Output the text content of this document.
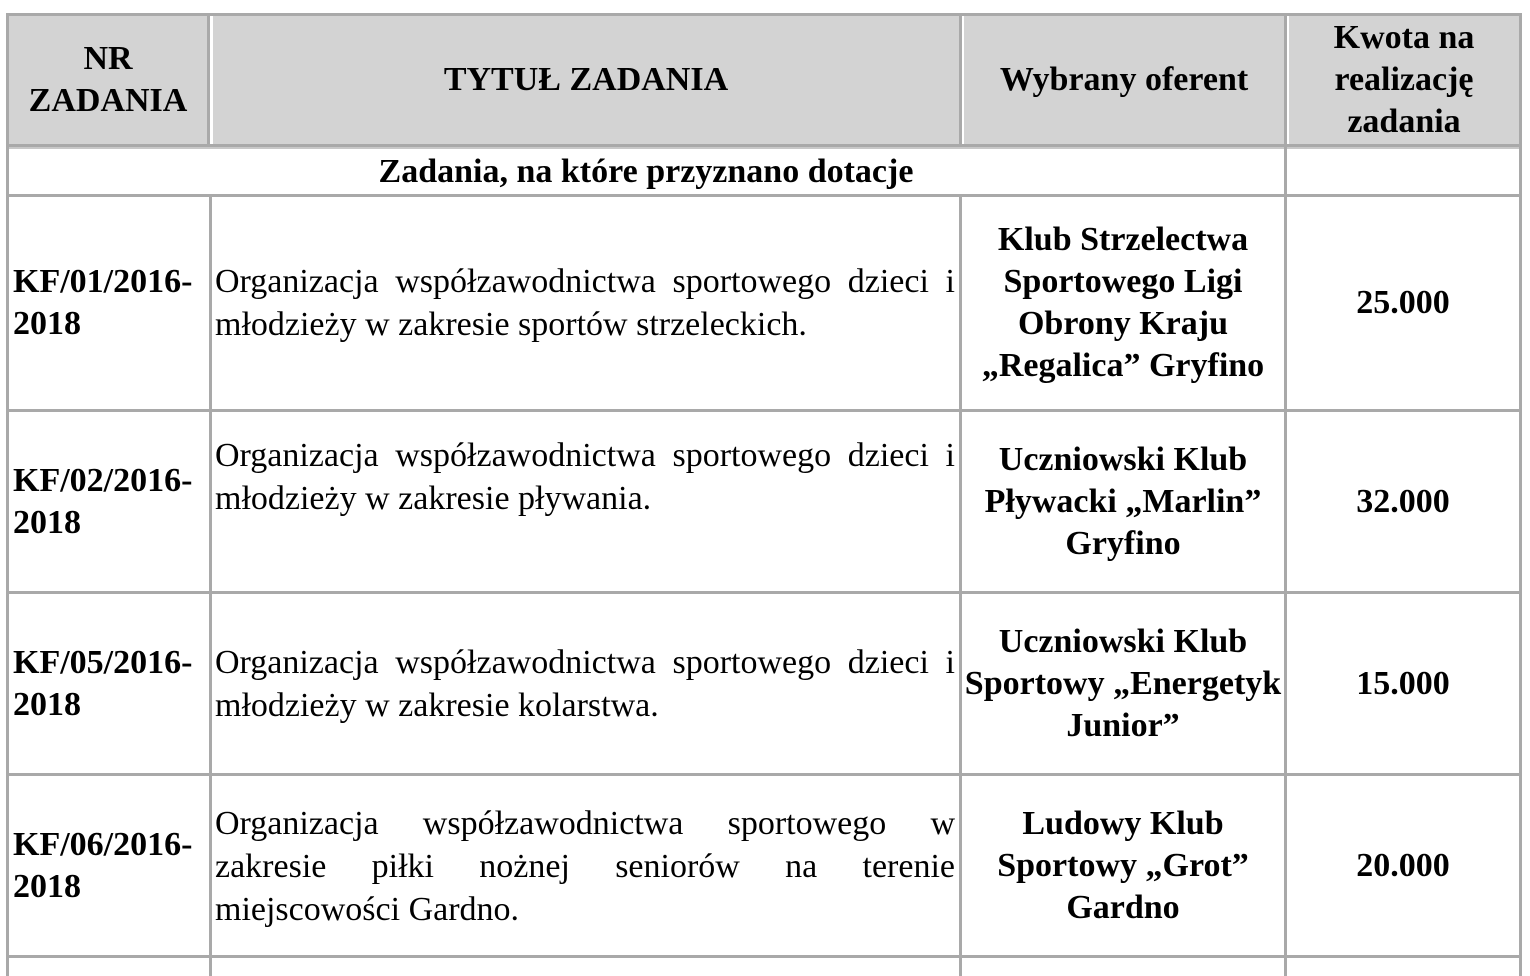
NR ZADANIA
TYTUŁ ZADANIA	Wybrany oferent
Kwota na realizację zadania
Zadania, na które przyznano dotacje
KF/01/2016-2018
Organizacja współzawodnictwa sportowego dzieci i młodzieży w zakresie sportów strzeleckich.
Klub Strzelectwa Sportowego Ligi Obrony Kraju „Regalica” Gryfino
25.000
KF/02/2016-2018
Organizacja współzawodnictwa sportowego dzieci i młodzieży w zakresie pływania.
Uczniowski Klub Pływacki „Marlin” Gryfino
32.000
KF/05/2016-2018
Organizacja współzawodnictwa sportowego dzieci i młodzieży w zakresie kolarstwa.
Uczniowski Klub Sportowy „Energetyk Junior”
15.000
KF/06/2016-2018
Organizacja współzawodnictwa sportowego w zakresie piłki nożnej seniorów na terenie miejscowości Gardno.
Ludowy Klub Sportowy „Grot” Gardno
20.000
